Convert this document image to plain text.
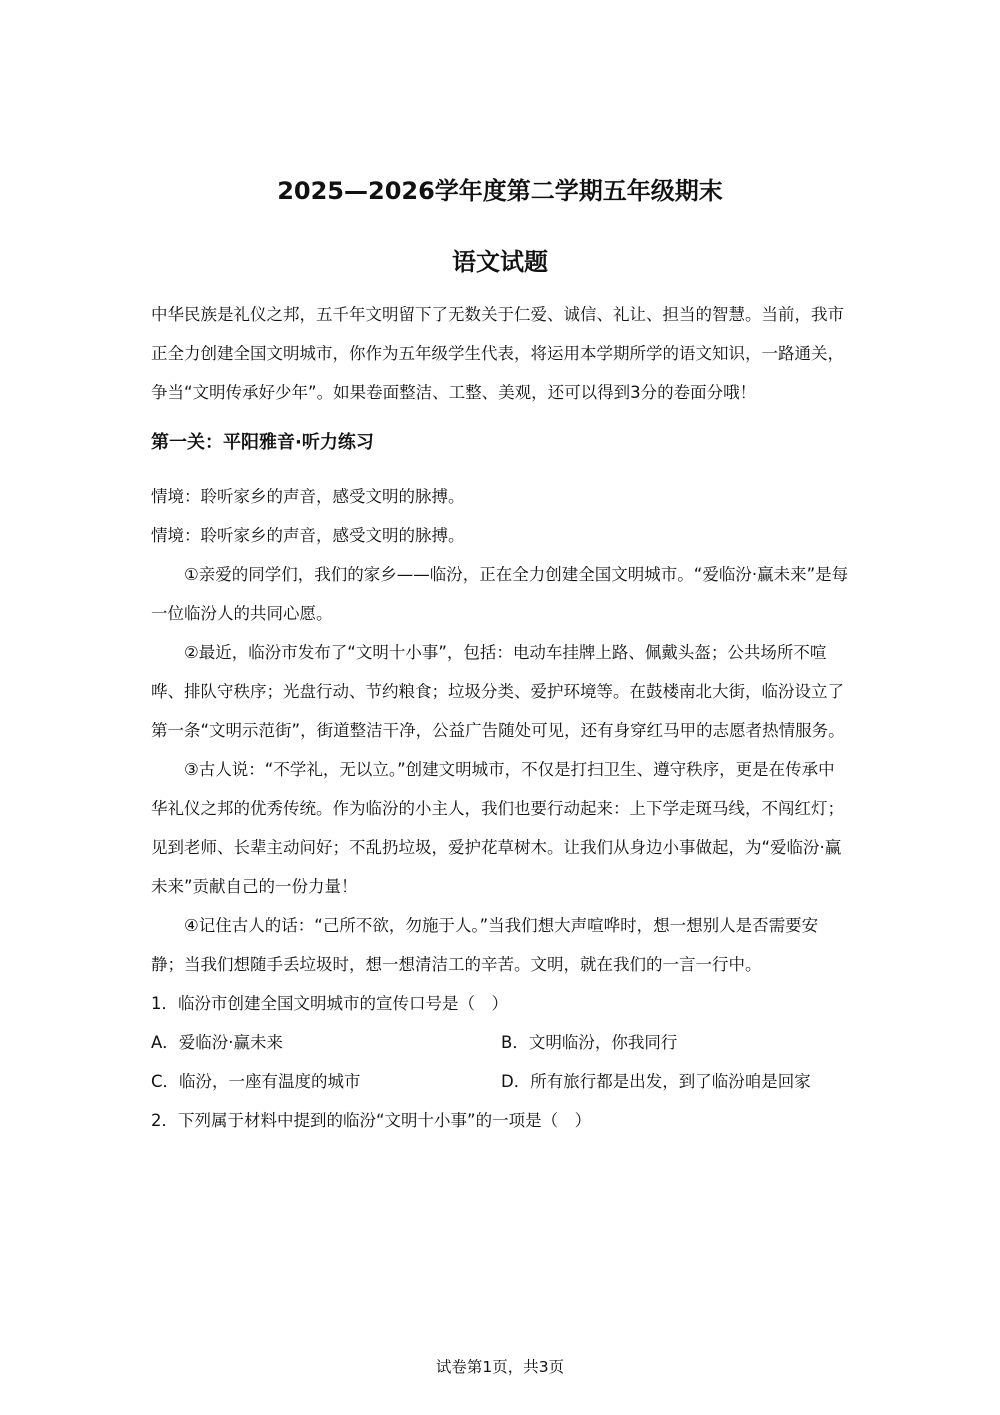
2025—2026学年度第二学期五年级期末
语文试题

中华民族是礼仪之邦，五千年文明留下了无数关于仁爱、诚信、礼让、担当的智慧。当前，我市正全力创建全国文明城市，你作为五年级学生代表，将运用本学期所学的语文知识，一路通关，争当“文明传承好少年”。如果卷面整洁、工整、美观，还可以得到3分的卷面分哦！

第一关：平阳雅音·听力练习

情境：聆听家乡的声音，感受文明的脉搏。

情境：聆听家乡的声音，感受文明的脉搏。

①亲爱的同学们，我们的家乡——临汾，正在全力创建全国文明城市。“爱临汾·赢未来”是每一位临汾人的共同心愿。

②最近，临汾市发布了“文明十小事”，包括：电动车挂牌上路、佩戴头盔；公共场所不喧哗、排队守秩序；光盘行动、节约粮食；垃圾分类、爱护环境等。在鼓楼南北大街，临汾设立了第一条“文明示范街”，街道整洁干净，公益广告随处可见，还有身穿红马甲的志愿者热情服务。

③古人说：“不学礼，无以立。”创建文明城市，不仅是打扫卫生、遵守秩序，更是在传承中华礼仪之邦的优秀传统。作为临汾的小主人，我们也要行动起来：上下学走斑马线，不闯红灯；见到老师、长辈主动问好；不乱扔垃圾，爱护花草树木。让我们从身边小事做起，为“爱临汾·赢未来”贡献自己的一份力量！

④记住古人的话：“己所不欲，勿施于人。”当我们想大声喧哗时，想一想别人是否需要安静；当我们想随手丢垃圾时，想一想清洁工的辛苦。文明，就在我们的一言一行中。

1．临汾市创建全国文明城市的宣传口号是（　）

A．爱临汾·赢未来	B．文明临汾，你我同行
C．临汾，一座有温度的城市	D．所有旅行都是出发，到了临汾咱是回家

2．下列属于材料中提到的临汾“文明十小事”的一项是（　）

试卷第1页，共3页
